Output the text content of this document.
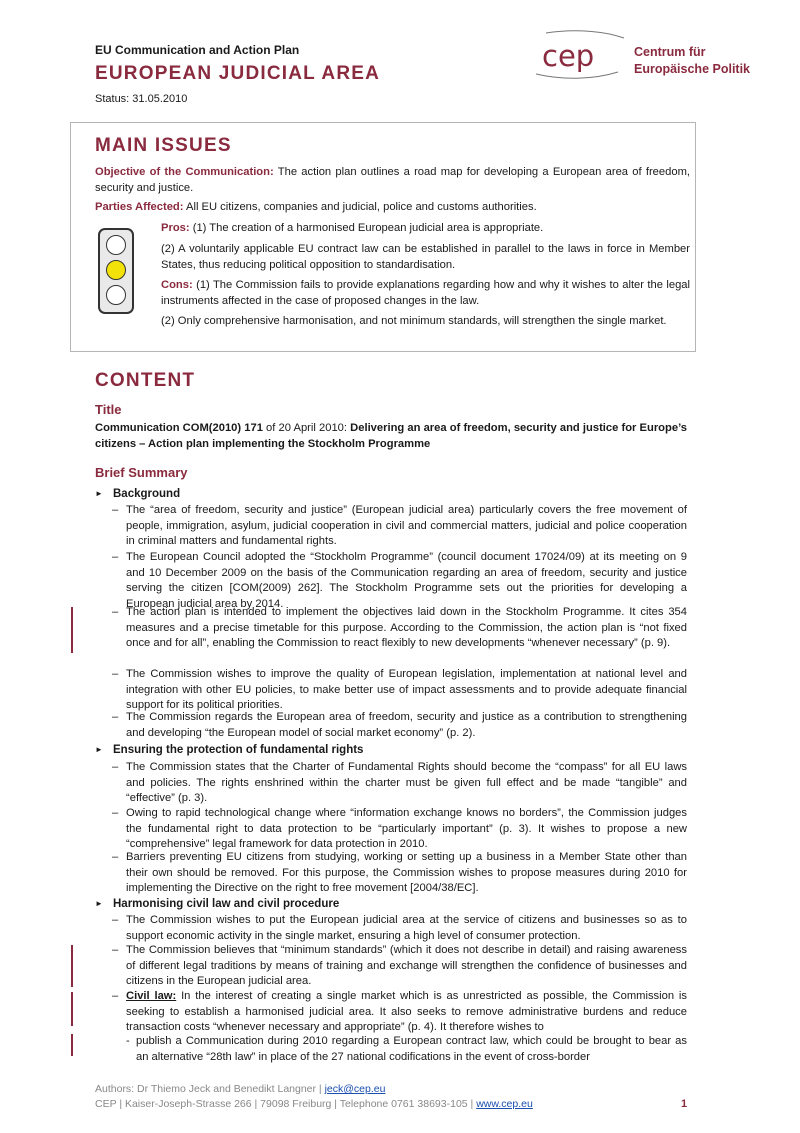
EU Communication and Action Plan
EUROPEAN JUDICIAL AREA
Status: 31.05.2010
cep	Centrum für
Europäische Politik
MAIN ISSUES
Objective of the Communication: The action plan outlines a road map for developing a European area of freedom, security and justice.
Parties Affected: All EU citizens, companies and judicial, police and customs authorities.
Pros: (1) The creation of a harmonised European judicial area is appropriate.
(2) A voluntarily applicable EU contract law can be established in parallel to the laws in force in Member States, thus reducing political opposition to standardisation.
Cons: (1) The Commission fails to provide explanations regarding how and why it wishes to alter the legal instruments affected in the case of proposed changes in the law.
(2) Only comprehensive harmonisation, and not minimum standards, will strengthen the single market.
CONTENT
Title
Communication COM(2010) 171 of 20 April 2010: Delivering an area of freedom, security and justice for Europe’s citizens – Action plan implementing the Stockholm Programme
Brief Summary
► Background
– The “area of freedom, security and justice” (European judicial area) particularly covers the free movement of people, immigration, asylum, judicial cooperation in civil and commercial matters, judicial and police cooperation in criminal matters and fundamental rights.
– The European Council adopted the “Stockholm Programme” (council document 17024/09) at its meeting on 9 and 10 December 2009 on the basis of the Communication regarding an area of freedom, security and justice serving the citizen [COM(2009) 262]. The Stockholm Programme sets out the priorities for developing a European judicial area by 2014.
– The action plan is intended to implement the objectives laid down in the Stockholm Programme. It cites 354 measures and a precise timetable for this purpose. According to the Commission, the action plan is “not fixed once and for all”, enabling the Commission to react flexibly to new developments “whenever necessary” (p. 9).
– The Commission wishes to improve the quality of European legislation, implementation at national level and integration with other EU policies, to make better use of impact assessments and to provide adequate financial support for its political priorities.
– The Commission regards the European area of freedom, security and justice as a contribution to strengthening and developing “the European model of social market economy” (p. 2).
► Ensuring the protection of fundamental rights
– The Commission states that the Charter of Fundamental Rights should become the “compass” for all EU laws and policies. The rights enshrined within the charter must be given full effect and be made “tangible” and “effective” (p. 3).
– Owing to rapid technological change where “information exchange knows no borders”, the Commission judges the fundamental right to data protection to be “particularly important” (p. 3). It wishes to propose a new “comprehensive” legal framework for data protection in 2010.
– Barriers preventing EU citizens from studying, working or setting up a business in a Member State other than their own should be removed. For this purpose, the Commission wishes to propose measures during 2010 for implementing the Directive on the right to free movement [2004/38/EC].
► Harmonising civil law and civil procedure
– The Commission wishes to put the European judicial area at the service of citizens and businesses so as to support economic activity in the single market, ensuring a high level of consumer protection.
– The Commission believes that “minimum standards” (which it does not describe in detail) and raising awareness of different legal traditions by means of training and exchange will strengthen the confidence of businesses and citizens in the European judicial area.
– Civil law: In the interest of creating a single market which is as unrestricted as possible, the Commission is seeking to establish a harmonised judicial area. It also seeks to remove administrative burdens and reduce transaction costs “whenever necessary and appropriate” (p. 4). It therefore wishes to
- publish a Communication during 2010 regarding a European contract law, which could be brought to bear as an alternative “28th law” in place of the 27 national codifications in the event of cross-border
Authors: Dr Thiemo Jeck and Benedikt Langner | jeck@cep.eu
CEP | Kaiser-Joseph-Strasse 266 | 79098 Freiburg | Telephone 0761 38693-105 | www.cep.eu	1
